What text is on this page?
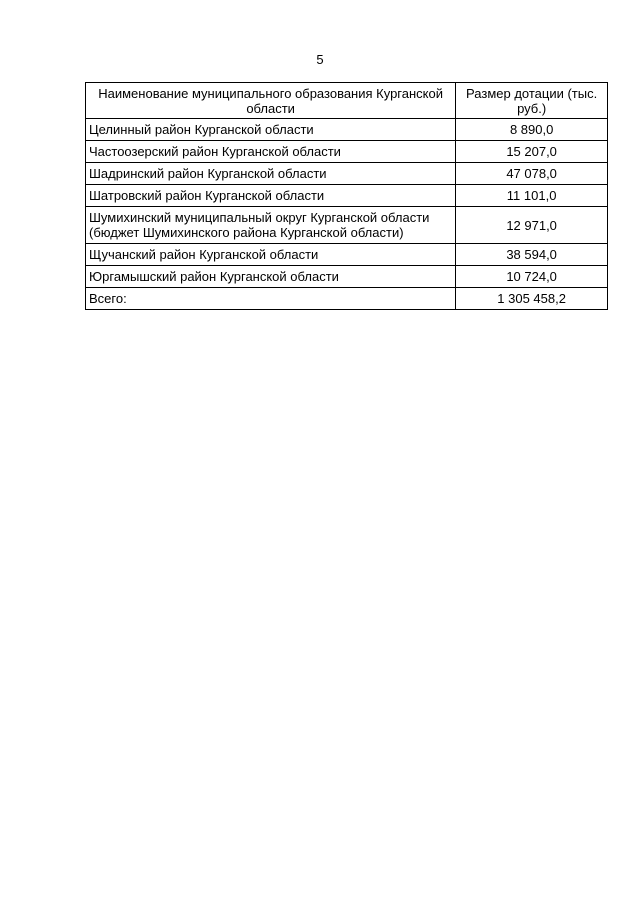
5
Наименование муниципального образования Курганской области	Размер дотации (тыс. руб.)
Целинный район Курганской области	8 890,0
Частоозерский район Курганской области	15 207,0
Шадринский район Курганской области	47 078,0
Шатровский район Курганской области	11 101,0
Шумихинский муниципальный округ Курганской области (бюджет Шумихинского района Курганской области)	12 971,0
Щучанский район Курганской области	38 594,0
Юргамышский район Курганской области	10 724,0
Всего:	1 305 458,2
